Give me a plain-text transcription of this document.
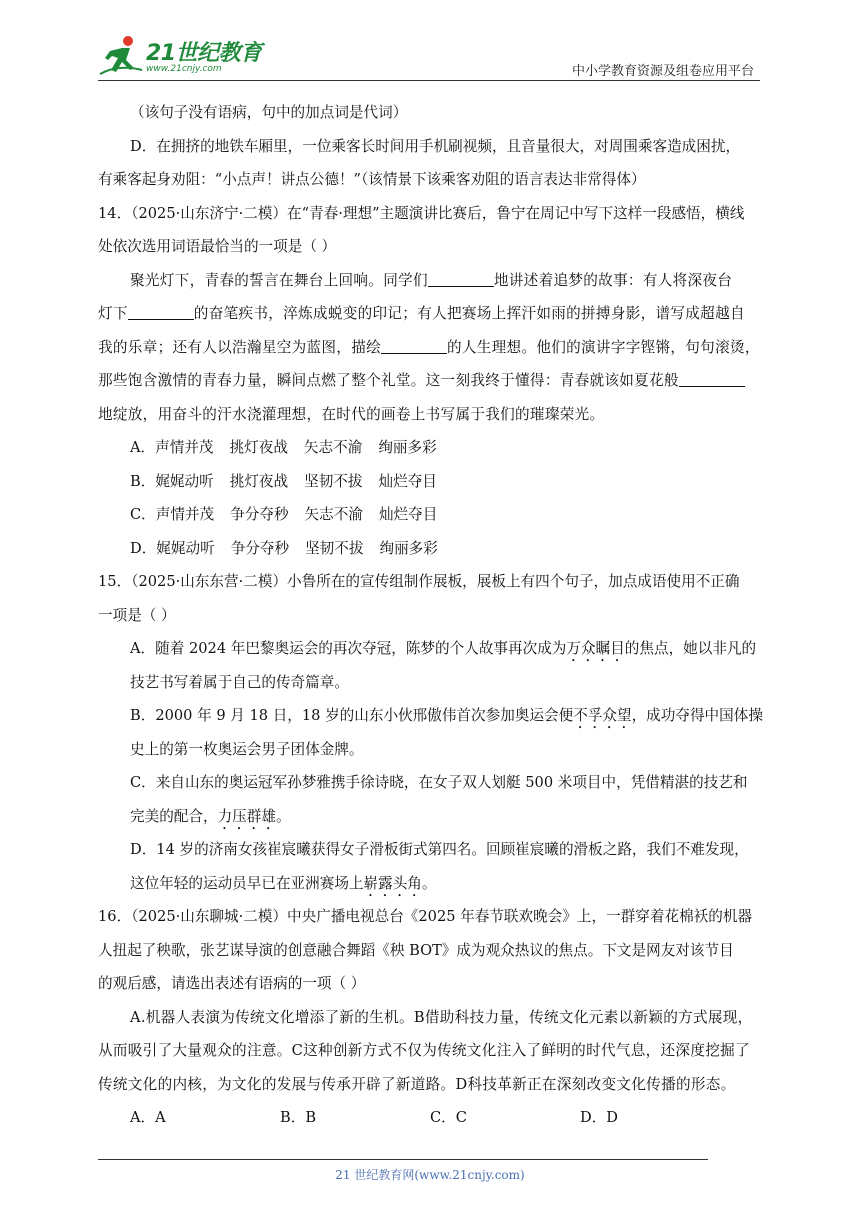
21世纪教育
www.21cnjy.com	中小学教育资源及组卷应用平台

（该句子没有语病，句中的加点词是代词）

D．在拥挤的地铁车厢里，一位乘客长时间用手机刷视频，且音量很大，对周围乘客造成困扰，

有乘客起身劝阻：“小点声！讲点公德！”（该情景下该乘客劝阻的语言表达非常得体）

14．（2025·山东济宁·二模）在“青春·理想”主题演讲比赛后，鲁宁在周记中写下这样一段感悟，横线

处依次选用词语最恰当的一项是（ ）

聚光灯下，青春的誓言在舞台上回响。同学们	地讲述着追梦的故事：有人将深夜台

灯下	的奋笔疾书，淬炼成蜕变的印记；有人把赛场上挥汗如雨的拼搏身影，谱写成超越自

我的乐章；还有人以浩瀚星空为蓝图，描绘	的人生理想。他们的演讲字字铿锵，句句滚烫，

那些饱含激情的青春力量，瞬间点燃了整个礼堂。这一刻我终于懂得：青春就该如夏花般

地绽放，用奋斗的汗水浇灌理想，在时代的画卷上书写属于我们的璀璨荣光。

A．声情并茂 挑灯夜战 矢志不渝 绚丽多彩

B．娓娓动听 挑灯夜战 坚韧不拔 灿烂夺目

C．声情并茂 争分夺秒 矢志不渝 灿烂夺目

D．娓娓动听 争分夺秒 坚韧不拔 绚丽多彩

15．（2025·山东东营·二模）小鲁所在的宣传组制作展板，展板上有四个句子，加点成语使用不正确

一项是（ ）

A．随着 2024 年巴黎奥运会的再次夺冠，陈梦的个人故事再次成为万众瞩目的焦点，她以非凡的

技艺书写着属于自己的传奇篇章。

B．2000 年 9 月 18 日，18 岁的山东小伙邢傲伟首次参加奥运会便不孚众望，成功夺得中国体操

史上的第一枚奥运会男子团体金牌。

C．来自山东的奥运冠军孙梦雅携手徐诗晓，在女子双人划艇 500 米项目中，凭借精湛的技艺和

完美的配合，力压群雄。

D．14 岁的济南女孩崔宸曦获得女子滑板街式第四名。回顾崔宸曦的滑板之路，我们不难发现，

这位年轻的运动员早已在亚洲赛场上崭露头角。

16．（2025·山东聊城·二模）中央广播电视总台《2025 年春节联欢晚会》上，一群穿着花棉袄的机器

人扭起了秧歌，张艺谋导演的创意融合舞蹈《秧 BOT》成为观众热议的焦点。下文是网友对该节目

的观后感，请选出表述有语病的一项（ ）

A.机器人表演为传统文化增添了新的生机。B借助科技力量，传统文化元素以新颖的方式展现，

从而吸引了大量观众的注意。C这种创新方式不仅为传统文化注入了鲜明的时代气息，还深度挖掘了

传统文化的内核，为文化的发展与传承开辟了新道路。D科技革新正在深刻改变文化传播的形态。

A．A	B．B	C．C	D．D

21 世纪教育网(www.21cnjy.com)
